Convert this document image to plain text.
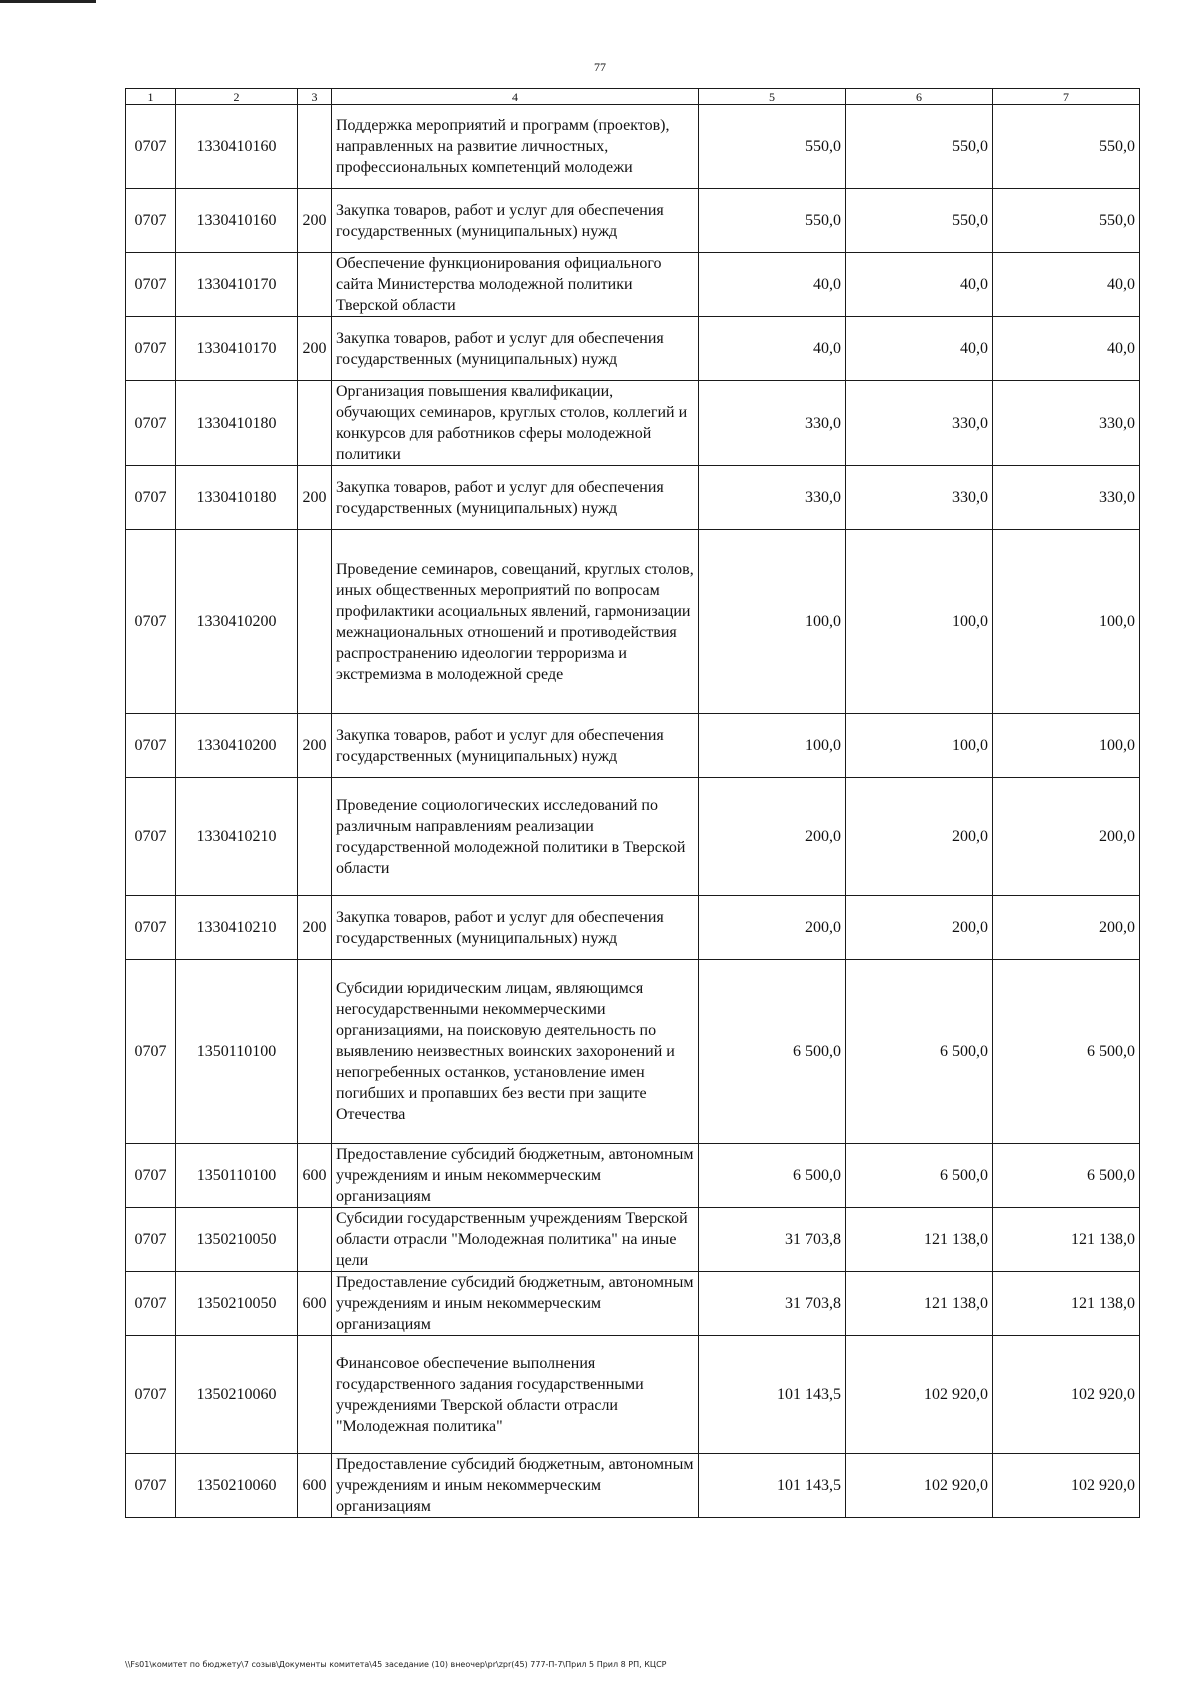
77
1	2	3	4	5	6	7
0707	1330410160		Поддержка мероприятий и программ (проектов), направленных на развитие личностных, профессиональных компетенций молодежи	550,0	550,0	550,0
0707	1330410160	200	Закупка товаров, работ и услуг для обеспечения государственных (муниципальных) нужд	550,0	550,0	550,0
0707	1330410170		Обеспечение функционирования официального сайта Министерства молодежной политики Тверской области	40,0	40,0	40,0
0707	1330410170	200	Закупка товаров, работ и услуг для обеспечения государственных (муниципальных) нужд	40,0	40,0	40,0
0707	1330410180		Организация повышения квалификации, обучающих семинаров, круглых столов, коллегий и конкурсов для работников сферы молодежной политики	330,0	330,0	330,0
0707	1330410180	200	Закупка товаров, работ и услуг для обеспечения государственных (муниципальных) нужд	330,0	330,0	330,0
0707	1330410200		Проведение семинаров, совещаний, круглых столов, иных общественных мероприятий по вопросам профилактики асоциальных явлений, гармонизации межнациональных отношений и противодействия распространению идеологии терроризма и экстремизма в молодежной среде	100,0	100,0	100,0
0707	1330410200	200	Закупка товаров, работ и услуг для обеспечения государственных (муниципальных) нужд	100,0	100,0	100,0
0707	1330410210		Проведение социологических исследований по различным направлениям реализации государственной молодежной политики в Тверской области	200,0	200,0	200,0
0707	1330410210	200	Закупка товаров, работ и услуг для обеспечения государственных (муниципальных) нужд	200,0	200,0	200,0
0707	1350110100		Субсидии юридическим лицам, являющимся негосударственными некоммерческими организациями, на поисковую деятельность по выявлению неизвестных воинских захоронений и непогребенных останков, установление имен погибших и пропавших без вести при защите Отечества	6 500,0	6 500,0	6 500,0
0707	1350110100	600	Предоставление субсидий бюджетным, автономным учреждениям и иным некоммерческим организациям	6 500,0	6 500,0	6 500,0
0707	1350210050		Субсидии государственным учреждениям Тверской области отрасли "Молодежная политика" на иные цели	31 703,8	121 138,0	121 138,0
0707	1350210050	600	Предоставление субсидий бюджетным, автономным учреждениям и иным некоммерческим организациям	31 703,8	121 138,0	121 138,0
0707	1350210060		Финансовое обеспечение выполнения государственного задания государственными учреждениями Тверской области отрасли "Молодежная политика"	101 143,5	102 920,0	102 920,0
0707	1350210060	600	Предоставление субсидий бюджетным, автономным учреждениям и иным некоммерческим организациям	101 143,5	102 920,0	102 920,0
\\Fs01\комитет по бюджету\7 созыв\Документы комитета\45 заседание (10) внеочер\pr\zpr(45) 777-П-7\Прил 5 Прил 8 РП, КЦСР
